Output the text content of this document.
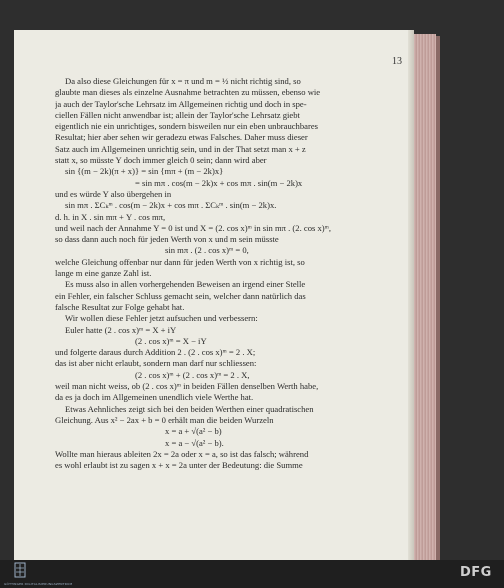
13
Da also diese Gleichungen für x = π und m = ½ nicht richtig sind, so
glaubte man dieses als einzelne Ausnahme betrachten zu müssen, ebenso wie
ja auch der Taylor'sche Lehrsatz im Allgemeinen richtig und doch in spe-
ciellen Fällen nicht anwendbar ist; allein der Taylor'sche Lehrsatz giebt
eigentlich nie ein unrichtiges, sondern bisweilen nur ein eben unbrauchbares
Resultat; hier aber sehen wir geradezu etwas Falsches. Daher muss dieser
Satz auch im Allgemeinen unrichtig sein, und in der That setzt man x + z
statt x, so müsste Y doch immer gleich 0 sein; dann wird aber
sin {(m − 2k)(π + x)} = sin {mπ + (m − 2k)x}
= sin mπ . cos(m − 2k)x + cos mπ . sin(m − 2k)x
und es würde Y also übergehen in
sin mπ . ΣCₖᵐ . cos(m − 2k)x + cos mπ . ΣCₖᵐ . sin(m − 2k)x.
d. h. in X . sin mπ + Y . cos mπ,
und weil nach der Annahme Y = 0 ist und X = (2. cos x)ᵐ in sin mπ . (2. cos x)ᵐ,
so dass dann auch noch für jeden Werth von x und m sein müsste
sin mπ . (2 . cos x)ᵐ = 0,
welche Gleichung offenbar nur dann für jeden Werth von x richtig ist, so
lange m eine ganze Zahl ist.
Es muss also in allen vorhergehenden Beweisen an irgend einer Stelle
ein Fehler, ein falscher Schluss gemacht sein, welcher dann natürlich das
falsche Resultat zur Folge gehabt hat.
Wir wollen diese Fehler jetzt aufsuchen und verbessern:
Euler hatte (2 . cos x)ᵐ = X + iY
(2 . cos x)ᵐ = X − iY
und folgerte daraus durch Addition 2 . (2 . cos x)ᵐ = 2 . X;
das ist aber nicht erlaubt, sondern man darf nur schliessen:
(2 . cos x)ᵐ + (2 . cos x)ᵐ = 2 . X,
weil man nicht weiss, ob (2 . cos x)ᵐ in beiden Fällen denselben Werth habe,
da es ja doch im Allgemeinen unendlich viele Werthe hat.
Etwas Aehnliches zeigt sich bei den beiden Werthen einer quadratischen
Gleichung. Aus x² − 2ax + b = 0 erhält man die beiden Wurzeln
x = a + √(a² − b)
x = a − √(a² − b).
Wollte man hieraus ableiten 2x = 2a oder x = a, so ist das falsch; während
es wohl erlaubt ist zu sagen x + x = 2a unter der Bedeutung: die Summe
GÖTTINGER DIGITALISIERUNGSZENTRUM
DFG
